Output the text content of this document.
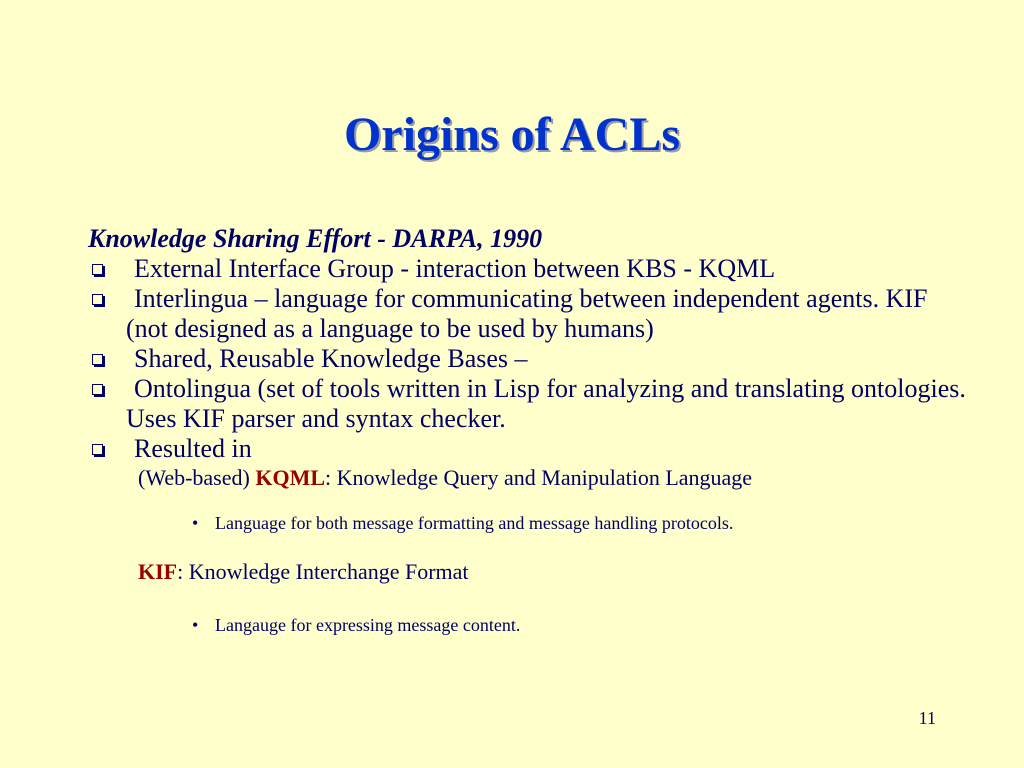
Origins of ACLs
Knowledge Sharing Effort - DARPA, 1990
External Interface Group - interaction between KBS - KQML
Interlingua – language for communicating between independent agents. KIF (not designed as a language to be used by humans)
Shared, Reusable Knowledge Bases –
Ontolingua (set of tools written in Lisp for analyzing and translating ontologies. Uses KIF parser and syntax checker.
Resulted in
(Web-based) KQML: Knowledge Query and Manipulation Language
• Language for both message formatting and message handling protocols.
KIF: Knowledge Interchange Format
• Langauge for expressing message content.
11
